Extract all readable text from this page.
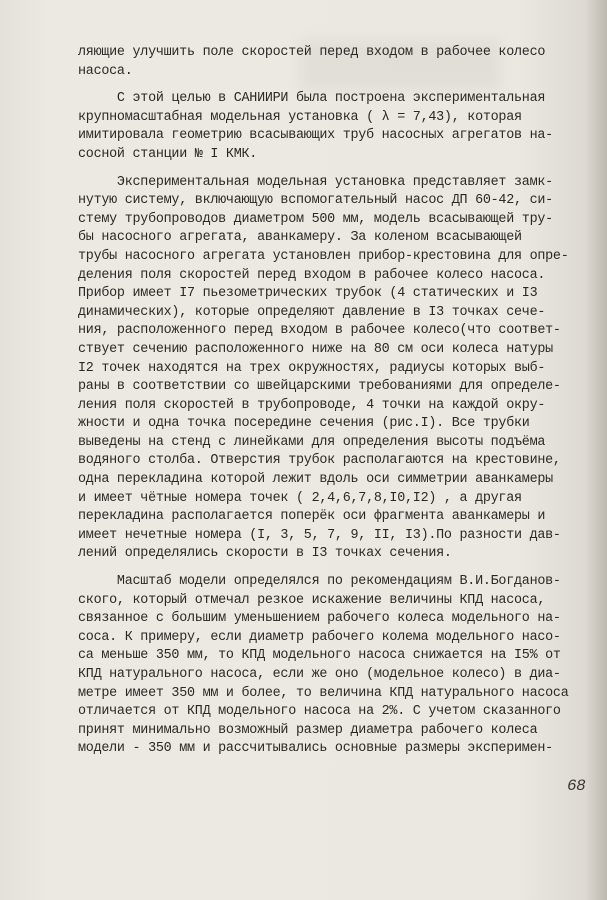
ляющие улучшить поле скоростей перед входом в рабочее колесо
насоса.
С этой целью в САНИИРИ была построена экспериментальная
крупномасштабная модельная установка ( λ = 7,43), которая
имитировала геометрию всасывающих труб насосных агрегатов на-
сосной станции № I КМК.
Экспериментальная модельная установка представляет замк-
нутую систему, включающую вспомогательный насос ДП 60-42, си-
стему трубопроводов диаметром 500 мм, модель всасывающей тру-
бы насосного агрегата, аванкамеру. За коленом всасывающей
трубы насосного агрегата установлен прибор-крестовина для опре-
деления поля скоростей перед входом в рабочее колесо насоса.
Прибор имеет I7 пьезометрических трубок (4 статических и I3
динамических), которые определяют давление в I3 точках сече-
ния, расположенного перед входом в рабочее колесо(что соответ-
ствует сечению расположенного ниже на 80 см оси колеса натуры
I2 точек находятся на трех окружностях, радиусы которых выб-
раны в соответствии со швейцарскими требованиями для определе-
ления поля скоростей в трубопроводе, 4 точки на каждой окру-
жности и одна точка посередине сечения (рис.I). Все трубки
выведены на стенд с линейками для определения высоты подъёма
водяного столба. Отверстия трубок располагаются на крестовине,
одна перекладина которой лежит вдоль оси симметрии аванкамеры
и имеет чётные номера точек ( 2,4,6,7,8,I0,I2) , а другая
перекладина располагается поперёк оси фрагмента аванкамеры и
имеет нечетные номера (I, 3, 5, 7, 9, II, I3).По разности дав-
лений определялись скорости в I3 точках сечения.
Масштаб модели определялся по рекомендациям В.И.Богданов-
ского, который отмечал резкое искажение величины КПД насоса,
связанное с большим уменьшением рабочего колеса модельного на-
соса. К примеру, если диаметр рабочего колема модельного насо-
са меньше 350 мм, то КПД модельного насоса снижается на I5% от
КПД натурального насоса, если же оно (модельное колесо) в диа-
метре имеет 350 мм и более, то величина КПД натурального насоса
отличается от КПД модельного насоса на 2%. С учетом сказанного
принят минимально возможный размер диаметра рабочего колеса
модели - 350 мм и рассчитывались основные размеры эксперимен-
68
